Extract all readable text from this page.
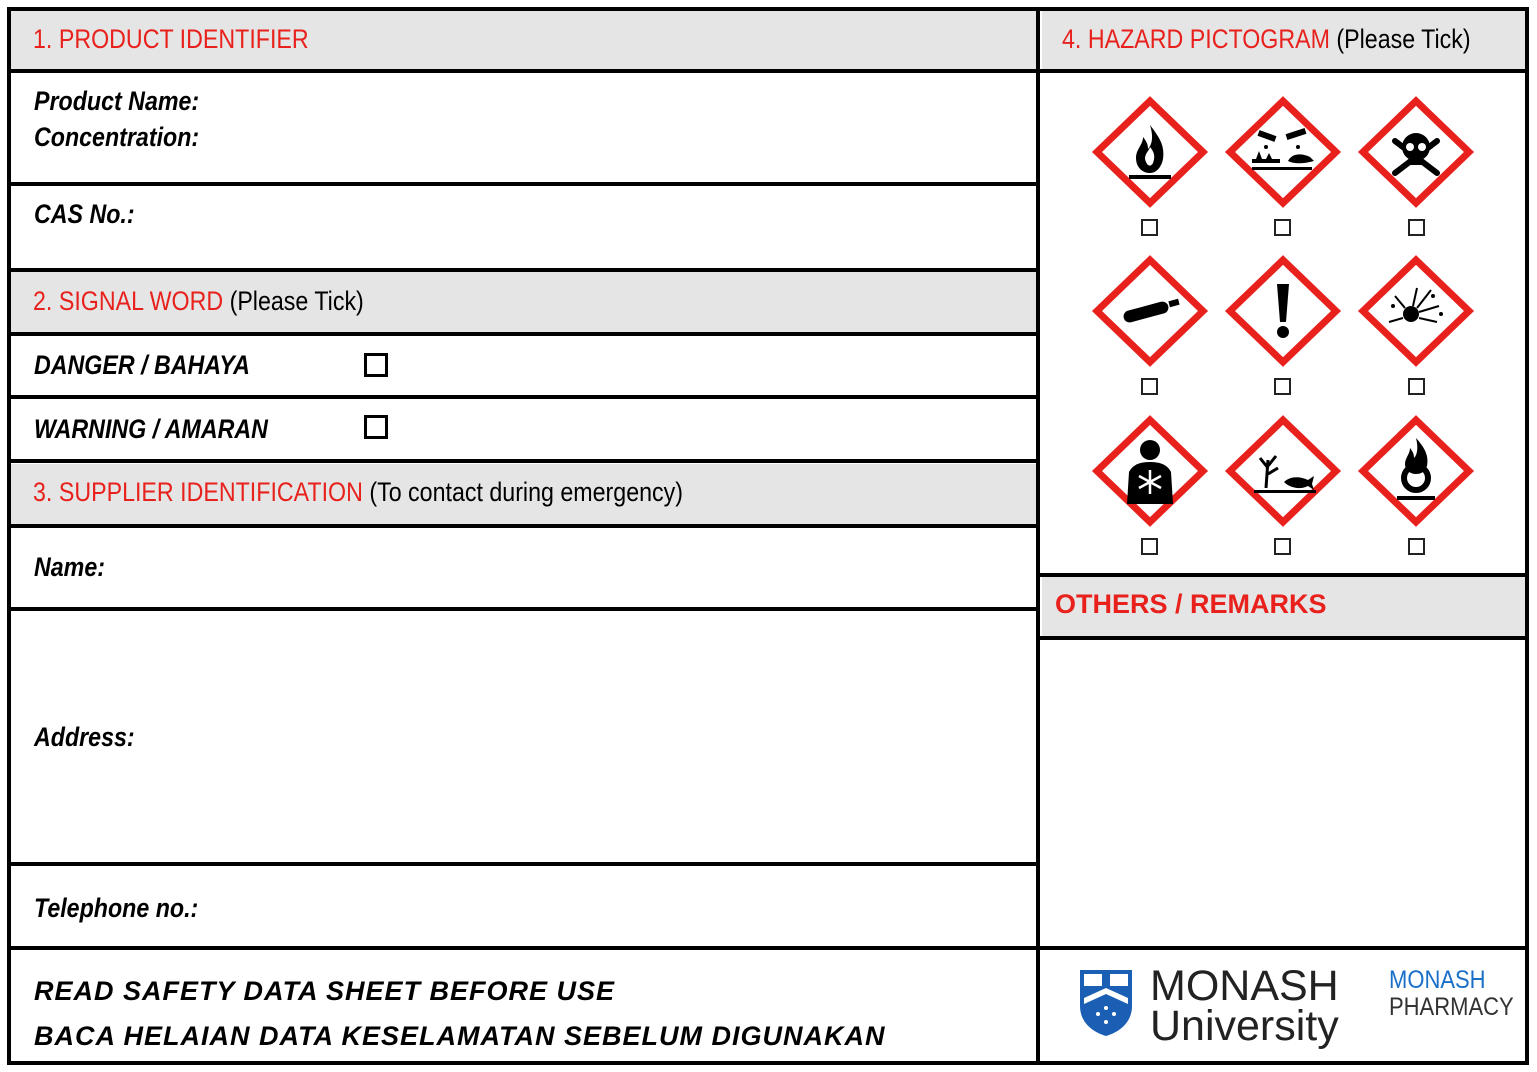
1. PRODUCT IDENTIFIER
Product Name:
Concentration:
CAS No.:
2. SIGNAL WORD (Please Tick)
DANGER / BAHAYA
WARNING / AMARAN
3. SUPPLIER IDENTIFICATION (To contact during emergency)
Name:
Address:
Telephone no.:
4. HAZARD PICTOGRAM (Please Tick)
OTHERS / REMARKS
READ SAFETY DATA SHEET BEFORE USE
BACA HELAIAN DATA KESELAMATAN SEBELUM DIGUNAKAN
MONASH
University
MONASH
PHARMACY
